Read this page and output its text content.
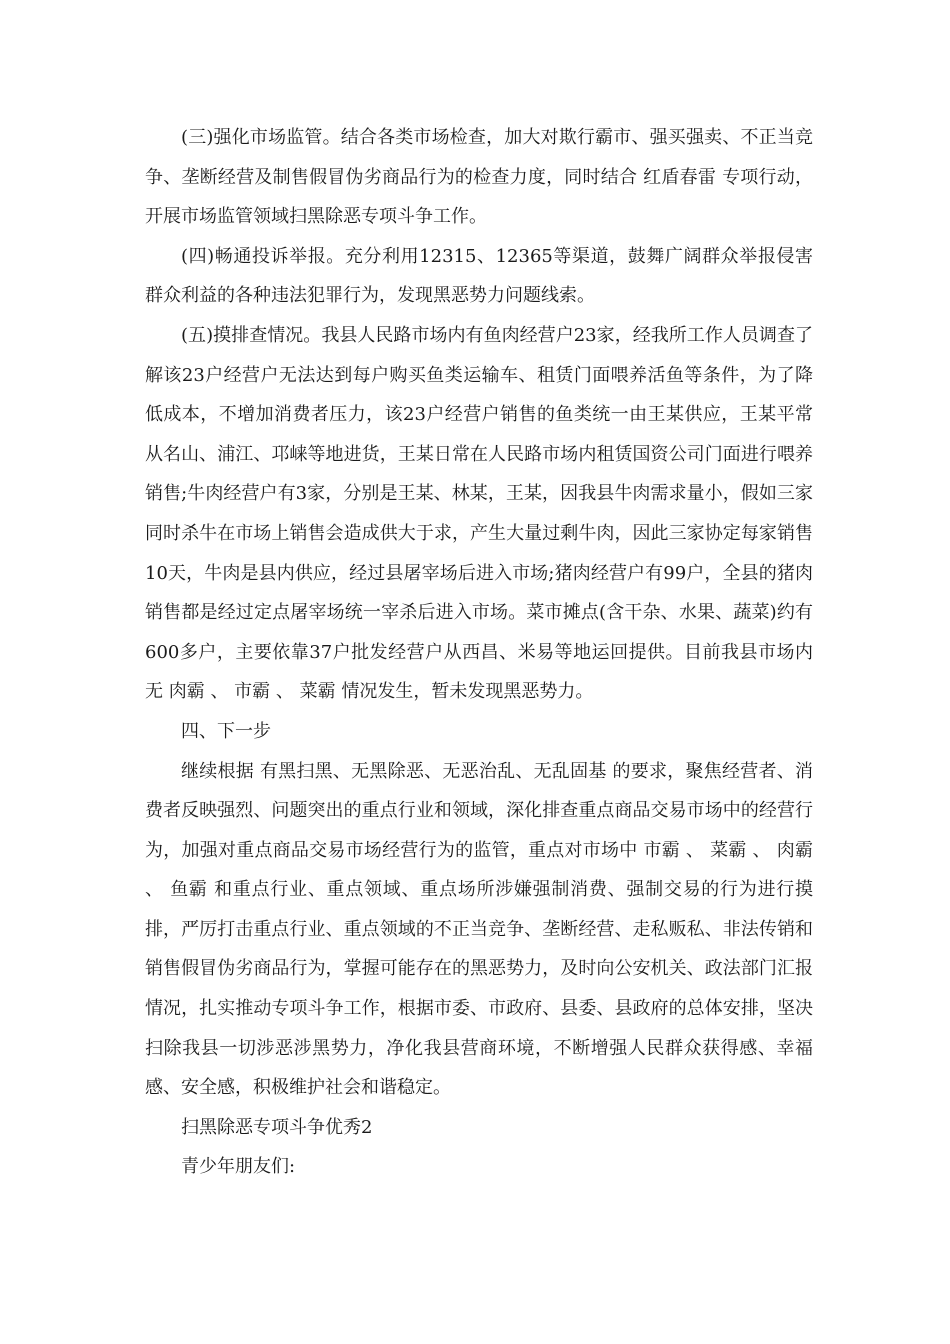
(三)强化市场监管。结合各类市场检查，加大对欺行霸市、强买强卖、不正当竞争、垄断经营及制售假冒伪劣商品行为的检查力度，同时结合 红盾春雷 专项行动，开展市场监管领域扫黑除恶专项斗争工作。

(四)畅通投诉举报。充分利用12315、12365等渠道，鼓舞广阔群众举报侵害群众利益的各种违法犯罪行为，发现黑恶势力问题线索。

(五)摸排查情况。我县人民路市场内有鱼肉经营户23家，经我所工作人员调查了解该23户经营户无法达到每户购买鱼类运输车、租赁门面喂养活鱼等条件，为了降低成本，不增加消费者压力，该23户经营户销售的鱼类统一由王某供应，王某平常从名山、浦江、邛崃等地进货，王某日常在人民路市场内租赁国资公司门面进行喂养销售;牛肉经营户有3家，分别是王某、林某，王某，因我县牛肉需求量小，假如三家同时杀牛在市场上销售会造成供大于求，产生大量过剩牛肉，因此三家协定每家销售10天，牛肉是县内供应，经过县屠宰场后进入市场;猪肉经营户有99户，全县的猪肉销售都是经过定点屠宰场统一宰杀后进入市场。菜市摊点(含干杂、水果、蔬菜)约有600多户，主要依靠37户批发经营户从西昌、米易等地运回提供。目前我县市场内无 肉霸 、 市霸 、 菜霸 情况发生，暂未发现黑恶势力。

四、下一步

继续根据 有黑扫黑、无黑除恶、无恶治乱、无乱固基 的要求，聚焦经营者、消费者反映强烈、问题突出的重点行业和领域，深化排查重点商品交易市场中的经营行为，加强对重点商品交易市场经营行为的监管，重点对市场中 市霸 、 菜霸 、 肉霸 、 鱼霸 和重点行业、重点领域、重点场所涉嫌强制消费、强制交易的行为进行摸排，严厉打击重点行业、重点领域的不正当竞争、垄断经营、走私贩私、非法传销和销售假冒伪劣商品行为，掌握可能存在的黑恶势力，及时向公安机关、政法部门汇报情况，扎实推动专项斗争工作，根据市委、市政府、县委、县政府的总体安排，坚决扫除我县一切涉恶涉黑势力，净化我县营商环境，不断增强人民群众获得感、幸福感、安全感，积极维护社会和谐稳定。

扫黑除恶专项斗争优秀2

青少年朋友们:
